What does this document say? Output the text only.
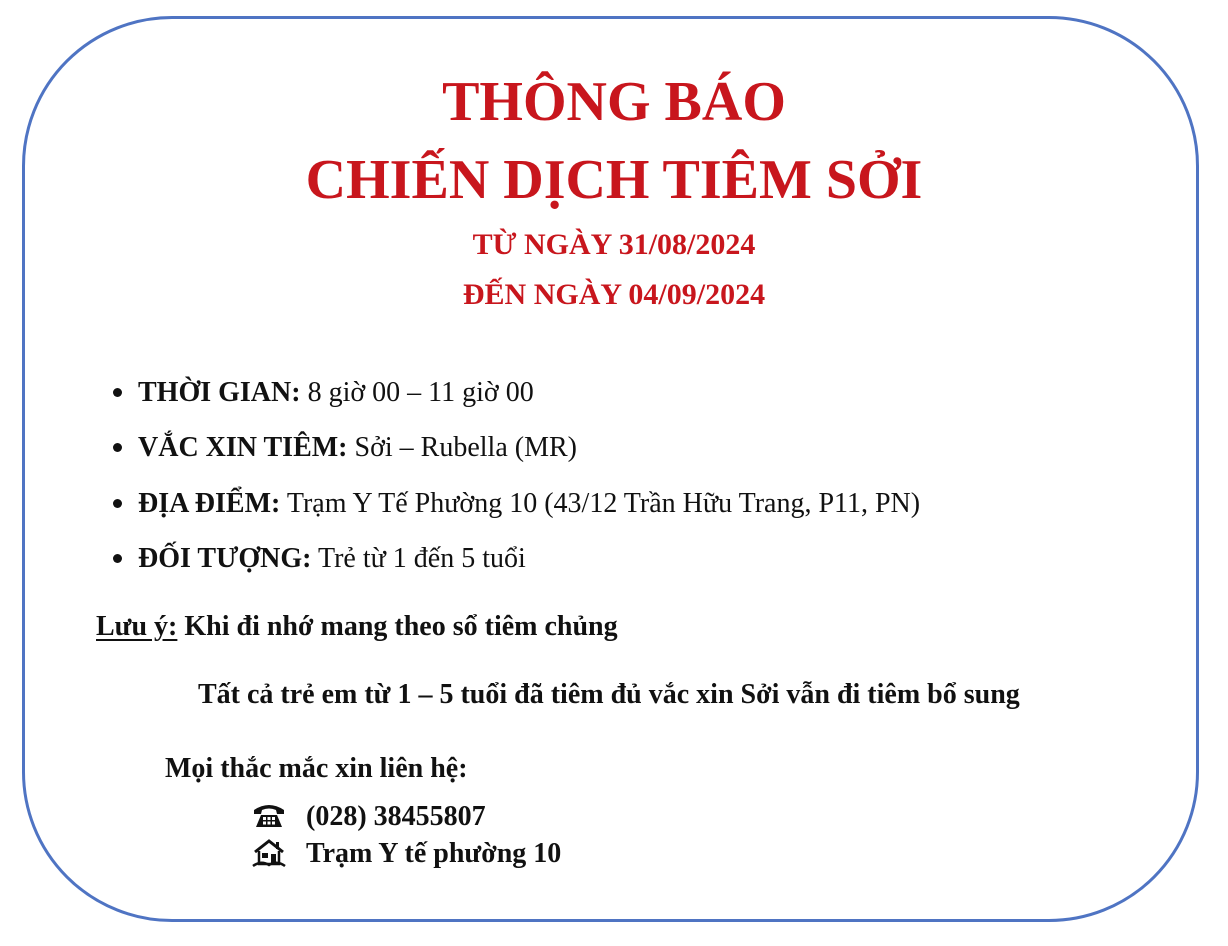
THÔNG BÁO
CHIẾN DỊCH TIÊM SỞI
TỪ NGÀY 31/08/2024
ĐẾN NGÀY 04/09/2024
THỜI GIAN: 8 giờ 00 – 11 giờ 00
VẮC XIN TIÊM: Sởi – Rubella (MR)
ĐỊA ĐIỂM: Trạm Y Tế Phường 10 (43/12 Trần Hữu Trang, P11, PN)
ĐỐI TƯỢNG: Trẻ từ 1 đến 5 tuổi
Lưu ý: Khi đi nhớ mang theo sổ tiêm chủng
Tất cả trẻ em từ 1 – 5 tuổi đã tiêm đủ vắc xin Sởi vẫn đi tiêm bổ sung
Mọi thắc mắc xin liên hệ:
(028) 38455807
Trạm Y tế phường 10
